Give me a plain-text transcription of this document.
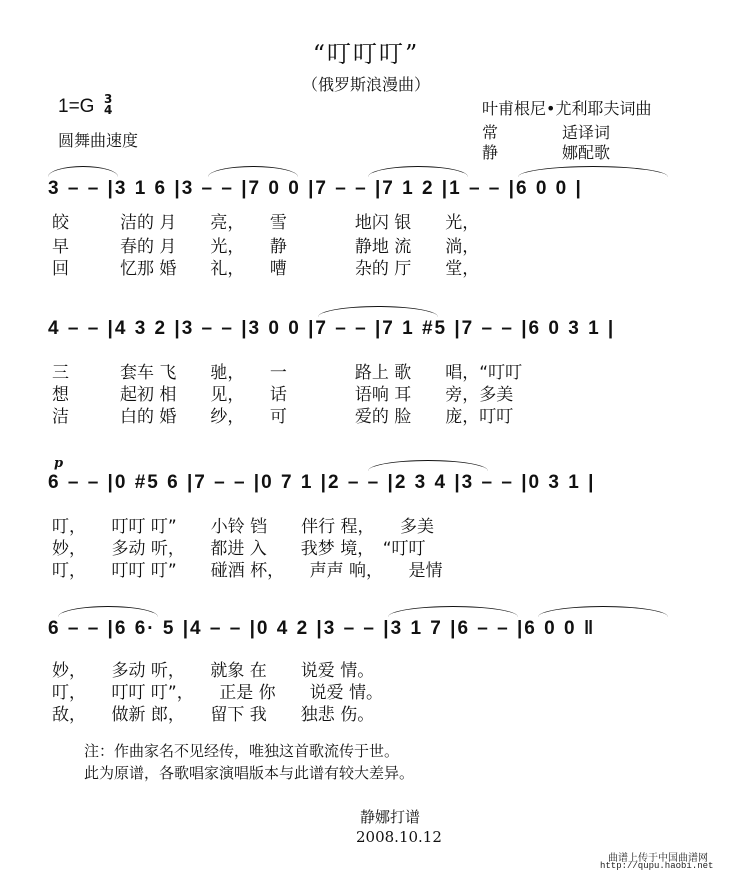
“叮叮叮”
（俄罗斯浪漫曲）
1=G 3
4
圆舞曲速度
叶甫根尼•尤利耶夫词曲
常　　　　适译词
静　　　　娜配歌
3 – – |3 1 6 |3 – – |7 0 0 |7 – – |7 1 2 |1 – – |6 0 0 |
皎　　　洁的 月　　亮，　　雪　　　　地闪 银　　光，
早　　　春的 月　　光，　　静　　　　静地 流　　淌，
回　　　忆那 婚　　礼，　　嘈　　　　杂的 厅　　堂，
4 – – |4 3 2 |3 – – |3 0 0 |7 – – |7 1 #5 |7 – – |6 0 3 1 |
三　　　套车 飞　　驰，　　一　　　　路上 歌　　唱，“叮叮
想　　　起初 相　　见，　　话　　　　语响 耳　　旁，多美
洁　　　白的 婚　　纱，　　可　　　　爱的 脸　　庞，叮叮
p
6 – – |0 #5 6 |7 – – |0 7 1 |2 – – |2 3 4 |3 – – |0 3 1 |
叮，　　叮叮 叮”　　小铃 铛　　伴行 程，　　多美
妙，　　多动 听，　　都进 入　　我梦 境，　“叮叮
叮，　　叮叮 叮”　　碰酒 杯，　　声声 响，　　是情
6 – – |6 6· 5 |4 – – |0 4 2 |3 – – |3 1 7 |6 – – |6 0 0 ‖
妙，　　多动 听，　　就象 在　　说爱 情。
叮，　　叮叮 叮”，　　正是 你　　说爱 情。
敌，　　做新 郎，　　留下 我　　独悲 伤。
注：作曲家名不见经传，唯独这首歌流传于世。
此为原谱，各歌唱家演唱版本与此谱有较大差异。
静娜打谱
2008.10.12
曲谱上传于中国曲谱网
http://qupu.haobi.net
